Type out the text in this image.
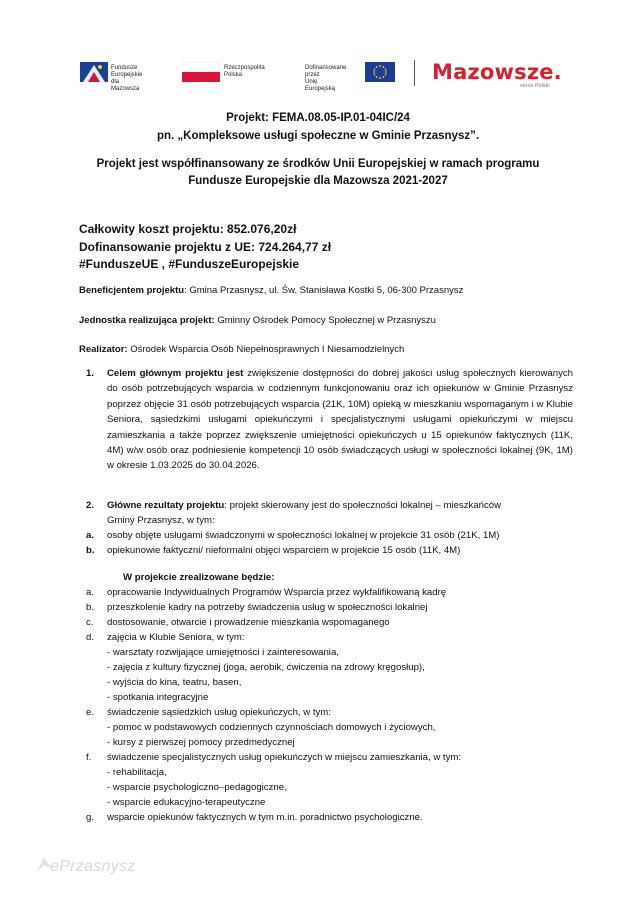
Fundusze Europejskie
dla Mazowsza
Rzeczpospolita
Polska
Dofinansowane przez
Unię Europejską
Mazowsze.
serce Polski
Projekt: FEMA.08.05-IP.01-04IC/24
pn. „Kompleksowe usługi społeczne w Gminie Przasnysz”.
Projekt jest współfinansowany ze środków Unii Europejskiej w ramach programu
Fundusze Europejskie dla Mazowsza 2021-2027
Całkowity koszt projektu: 852.076,20zł
Dofinansowanie projektu z UE: 724.264,77 zł
#FunduszeUE , #FunduszeEuropejskie
Beneficjentem projektu: Gmina Przasnysz, ul. Św. Stanisława Kostki 5, 06-300 Przasnysz
Jednostka realizująca projekt: Gminny Ośrodek Pomocy Społecznej w Przasnyszu
Realizator: Ośrodek Wsparcia Osób Niepełnosprawnych I Niesamodzielnych
1. Celem głównym projektu jest zwiększenie dostępności do dobrej jakości usług społecznych kierowanych do osób potrzebujących wsparcia w codziennym funkcjonowaniu oraz ich opiekunów w Gminie Przasnysz poprzez objęcie 31 osób potrzebujących wsparcia (21K, 10M) opieką w mieszkaniu wspomaganym i w Klubie Seniora, sąsiedzkimi usługami opiekuńczymi i specjalistycznymi usługami opiekuńczymi w miejscu zamieszkania a także poprzez zwiększenie umiejętności opiekuńczych u 15 opiekunów faktycznych (11K, 4M) w/w osób oraz podniesienie kompetencji 10 osób świadczących usługi w społeczności lokalnej (9K, 1M) w okresie 1.03.2025 do 30.04.2026.
2. Główne rezultaty projektu: projekt skierowany jest do społeczności lokalnej – mieszkańców
Gminy Przasnysz, w tym:
a. osoby objęte usługami świadczonymi w społeczności lokalnej w projekcie 31 osób (21K, 1M)
b. opiekunowie faktyczni/ nieformalni objęci wsparciem w projekcie 15 osób (11K, 4M)
W projekcie zrealizowane będzie:
a. opracowanie Indywidualnych Programów Wsparcia przez wykfalifikowaną kadrę
b. przeszkolenie kadry na potrzeby świadczenia usług w społeczności lokalnej
c. dostosowanie, otwarcie i prowadzenie mieszkania wspomaganego
d. zajęcia w Klubie Seniora, w tym:
- warsztaty rozwijające umiejętności i zainteresowania,
- zajęcia z kultury fizycznej (joga, aerobik, ćwiczenia na zdrowy kręgosłup),
- wyjścia do kina, teatru, basen,
- spotkania integracyjne
e. świadczenie sąsiedzkich usług opiekuńczych, w tym:
- pomoc w podstawowych codziennych czynnościach domowych i życiowych,
- kursy z pierwszej pomocy przedmedycznej
f. świadczenie specjalistycznych usług opiekuńczych w miejscu zamieszkania, w tym:
- rehabilitacja,
- wsparcie psychologiczno–pedagogiczne,
- wsparcie edukacyjno-terapeutyczne
g. wsparcie opiekunów faktycznych w tym m.in. poradnictwo psychologiczne.
ePrzasnysz
